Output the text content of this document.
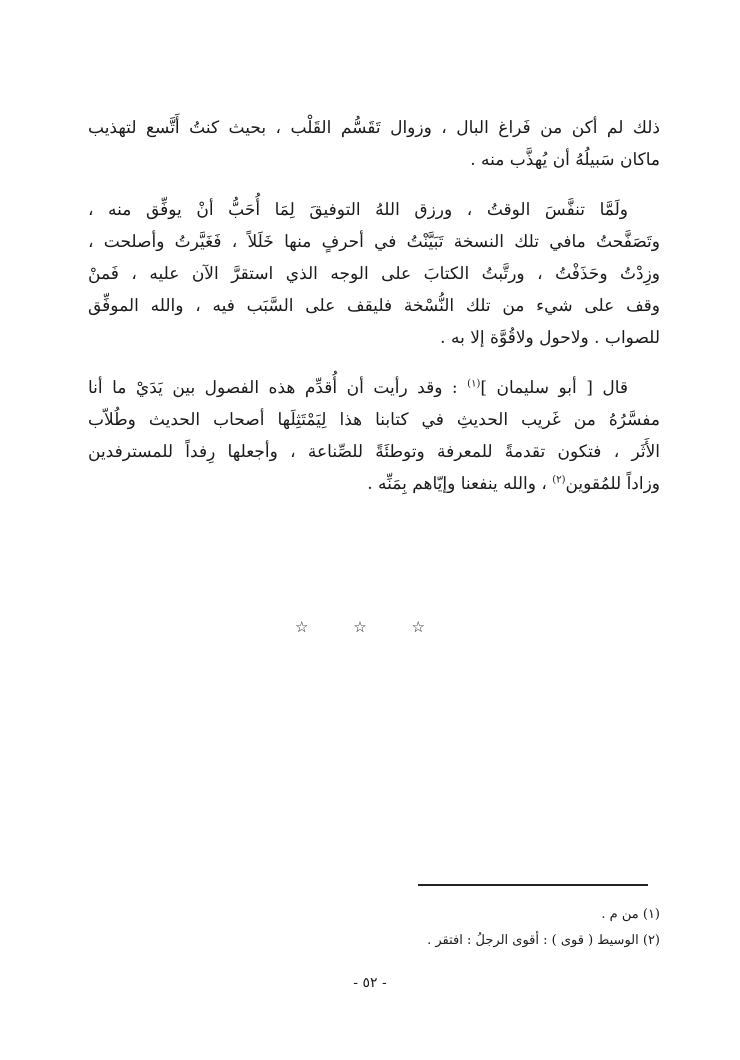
ذلك لم أكن من فَراغ البال ، وزوال تَقَسُّم القَلْب ، بحيث كنتُ أَتَّسع لتهذيب
ماكان سَبيلُهُ أن يُهذَّب منه .

ولَمَّا تنفَّسَ الوقتُ ، ورزق اللهُ التوفيقَ لِمَا أُحَبُّ أنْ يوفِّق منه ،
وتَصَفَّحتُ مافي تلك النسخة تَبَيَّنْتُ في أحرفٍ منها خَلَلاً ، فَغَيَّرتُ وأصلحت ،
وزِدْتُ وحَذَفْتُ ، ورتَّبتُ الكتابَ على الوجه الذي استقرَّ الآن عليه ، فَمنْ
وقف على شيء من تلك النُّسْخة فليقف على السَّبَب فيه ، والله الموفِّق
للصواب . ولاحول ولاقُوَّة إلا به .

قال [ أبو سليمان ]$^{(١)}$ : وقد رأيت أن أُقدِّم هذه الفصول بين يَدَيْ ما أنا
مفسَّرُهُ من غَريب الحديثِ في كتابنا هذا لِيَمْتَثِلَها أصحاب الحديث وطُلاّب
الأَثَر ، فتكون تقدمةً للمعرفة وتوطئَةً للصِّناعة ، وأجعلها رِفداً للمسترفدين
وزاداً للمُقوين$^{(٢)}$ ، والله ينفعنا وإيّاهم بِمَنِّه .

☆ ☆ ☆
(١) من م .
(٢) الوسيط ( قوى ) : أقوى الرجلُ : افتقر .
- ٥٢ -
